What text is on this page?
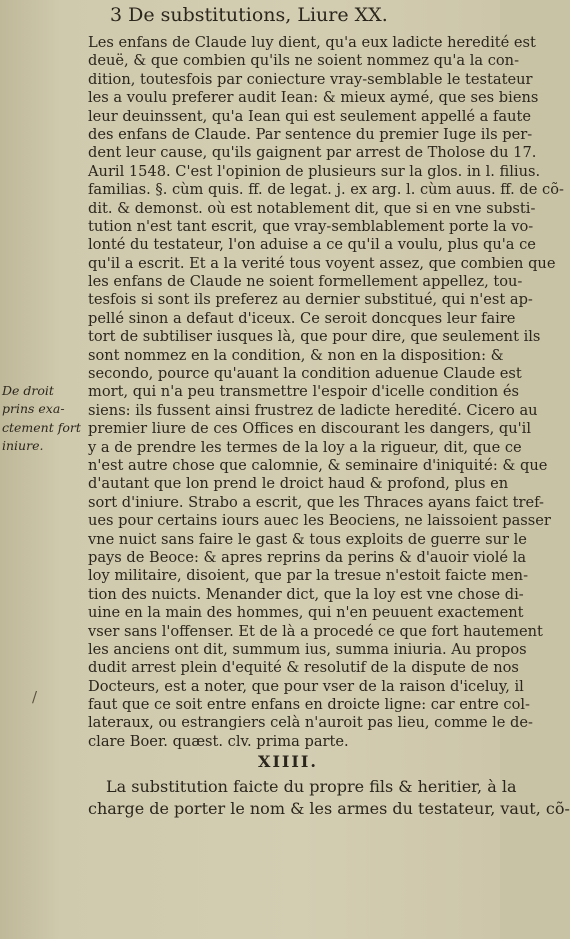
3 De substitutions, Liure XX.
De droit
prins exa-
ctement fort
iniure.
/
Les enfans de Claude luy dient, qu'a eux ladicte heredité est
deuë, & que combien qu'ils ne soient nommez qu'a la con-
dition, toutesfois par coniecture vray-semblable le testateur
les a voulu preferer audit Iean: & mieux aymé, que ses biens
leur deuinssent, qu'a Iean qui est seulement appellé a faute
des enfans de Claude. Par sentence du premier Iuge ils per-
dent leur cause, qu'ils gaignent par arrest de Tholose du 17.
Auril 1548. C'est l'opinion de plusieurs sur la glos. in l. filius.
familias. §. cùm quis. ff. de legat. j. ex arg. l. cùm auus. ff. de cõ-
dit. & demonst. où est notablement dit, que si en vne substi-
tution n'est tant escrit, que vray-semblablement porte la vo-
lonté du testateur, l'on aduise a ce qu'il a voulu, plus qu'a ce
qu'il a escrit. Et a la verité tous voyent assez, que combien que
les enfans de Claude ne soient formellement appellez, tou-
tesfois si sont ils preferez au dernier substitué, qui n'est ap-
pellé sinon a defaut d'iceux. Ce seroit doncques leur faire
tort de subtiliser iusques là, que pour dire, que seulement ils
sont nommez en la condition, & non en la disposition: &
secondo, pource qu'auant la condition aduenue Claude est
mort, qui n'a peu transmettre l'espoir d'icelle condition és
siens: ils fussent ainsi frustrez de ladicte heredité. Cicero au
premier liure de ces Offices en discourant les dangers, qu'il
y a de prendre les termes de la loy a la rigueur, dit, que ce
n'est autre chose que calomnie, & seminaire d'iniquité: & que
d'autant que lon prend le droict haud & profond, plus en
sort d'iniure. Strabo a escrit, que les Thraces ayans faict tref-
ues pour certains iours auec les Beociens, ne laissoient passer
vne nuict sans faire le gast & tous exploits de guerre sur le
pays de Beoce: & apres reprins da perins & d'auoir violé la
loy militaire, disoient, que par la tresue n'estoit faicte men-
tion des nuicts. Menander dict, que la loy est vne chose di-
uine en la main des hommes, qui n'en peuuent exactement
vser sans l'offenser. Et de là a procedé ce que fort hautement
les anciens ont dit, summum ius, summa iniuria. Au propos
dudit arrest plein d'equité & resolutif de la dispute de nos
Docteurs, est a noter, que pour vser de la raison d'iceluy, il
faut que ce soit entre enfans en droicte ligne: car entre col-
lateraux, ou estrangiers celà n'auroit pas lieu, comme le de-
clare Boer. quæst. clv. prima parte.
XIIII.
La substitution faicte du propre fils & heritier, à la
charge de porter le nom & les armes du testateur, vaut, cõ-
